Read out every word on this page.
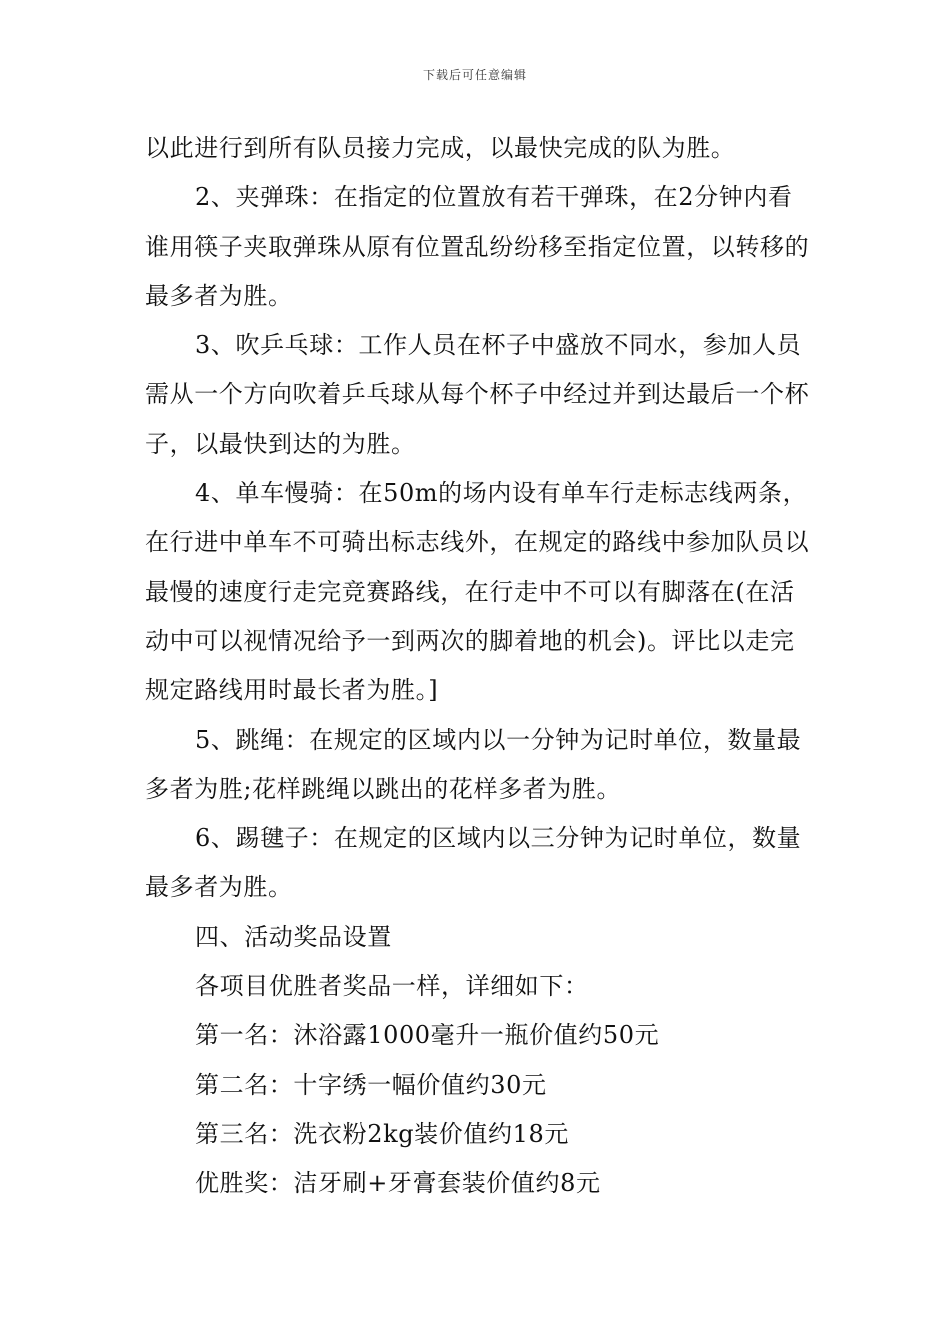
下载后可任意编辑

以此进行到所有队员接力完成，以最快完成的队为胜。

2、夹弹珠：在指定的位置放有若干弹珠，在2分钟内看谁用筷子夹取弹珠从原有位置乱纷纷移至指定位置，以转移的最多者为胜。

3、吹乒乓球：工作人员在杯子中盛放不同水，参加人员需从一个方向吹着乒乓球从每个杯子中经过并到达最后一个杯子，以最快到达的为胜。

4、单车慢骑：在50m的场内设有单车行走标志线两条，在行进中单车不可骑出标志线外，在规定的路线中参加队员以最慢的速度行走完竞赛路线，在行走中不可以有脚落在(在活动中可以视情况给予一到两次的脚着地的机会)。评比以走完规定路线用时最长者为胜。]

5、跳绳：在规定的区域内以一分钟为记时单位，数量最多者为胜;花样跳绳以跳出的花样多者为胜。

6、踢毽子：在规定的区域内以三分钟为记时单位，数量最多者为胜。

四、活动奖品设置

各项目优胜者奖品一样，详细如下：

第一名：沐浴露1000毫升一瓶价值约50元

第二名：十字绣一幅价值约30元

第三名：洗衣粉2kg装价值约18元

优胜奖：洁牙刷+牙膏套装价值约8元
